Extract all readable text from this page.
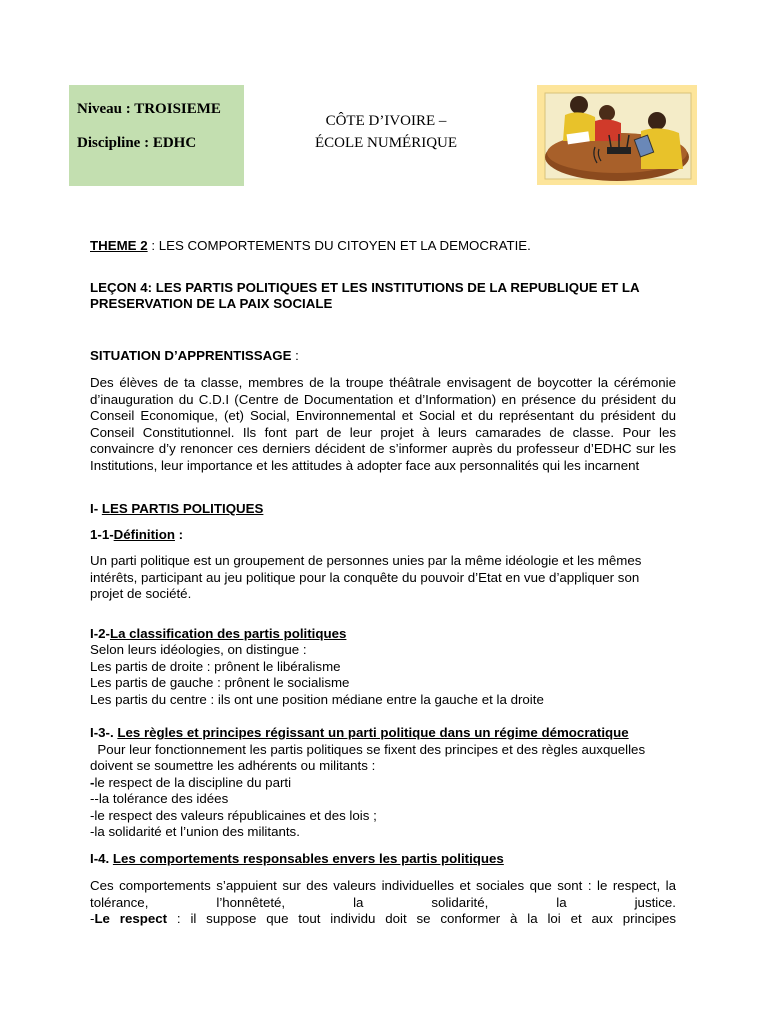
Niveau : TROISIEME
Discipline : EDHC
CÔTE D’IVOIRE –
ÉCOLE NUMÉRIQUE
THEME 2 : LES COMPORTEMENTS DU CITOYEN ET LA DEMOCRATIE.
LEÇON 4: LES PARTIS POLITIQUES ET LES INSTITUTIONS DE LA REPUBLIQUE ET LA
PRESERVATION DE LA PAIX SOCIALE
SITUATION D’APPRENTISSAGE :
Des élèves de ta classe, membres de la troupe théâtrale envisagent de boycotter la cérémonie d’inauguration du C.D.I (Centre de Documentation et d’Information) en présence du président du Conseil Economique, (et) Social, Environnemental et Social et du représentant du président du Conseil Constitutionnel. Ils font part de leur projet à leurs camarades de classe. Pour les convaincre d’y renoncer ces derniers décident de s’informer auprès du professeur d’EDHC sur les Institutions, leur importance et les attitudes à adopter face aux personnalités qui les incarnent
I- LES PARTIS POLITIQUES
1-1-Définition :
Un parti politique est un groupement de personnes unies par la même idéologie et les mêmes intérêts, participant au jeu politique pour la conquête du pouvoir d’Etat en vue d’appliquer son projet de société.
I-2-La classification des partis politiques
Selon leurs idéologies, on distingue :
Les partis de droite : prônent le libéralisme
Les partis de gauche : prônent le socialisme
Les partis du centre : ils ont une position médiane entre la gauche et la droite
I-3-. Les règles et principes régissant un parti politique dans un régime démocratique
Pour leur fonctionnement les partis politiques se fixent des principes et des règles auxquelles
doivent se soumettre les adhérents ou militants :
-le respect de la discipline du parti
--la tolérance des idées
-le respect des valeurs républicaines et des lois ;
-la solidarité et l’union des militants.
I-4. Les comportements responsables envers les partis politiques
Ces comportements s’appuient sur des valeurs individuelles et sociales que sont : le respect, la tolérance, l’honnêteté, la solidarité, la justice.
-Le respect : il suppose que tout individu doit se conformer à la loi et aux principes
